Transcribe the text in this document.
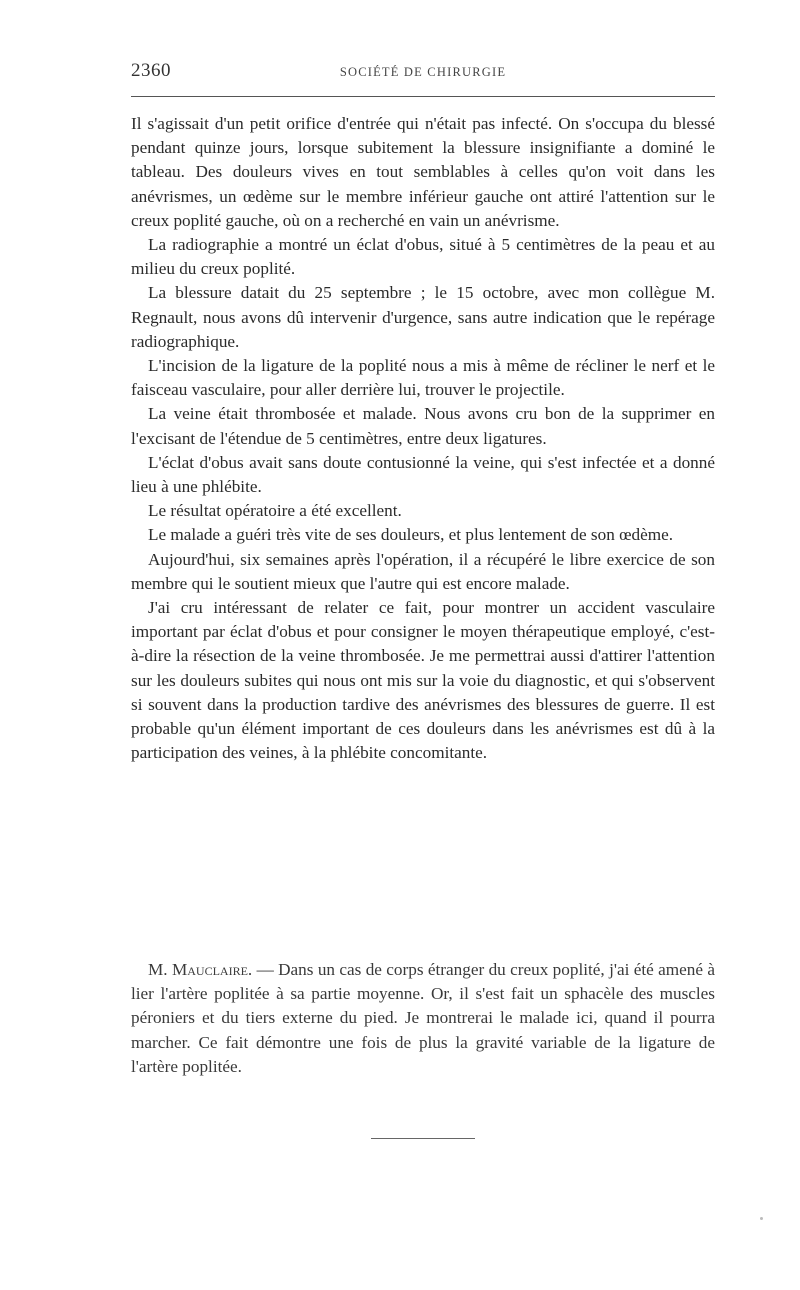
2360	SOCIÉTÉ DE CHIRURGIE

Il s'agissait d'un petit orifice d'entrée qui n'était pas infecté. On s'occupa du blessé pendant quinze jours, lorsque subitement la blessure insignifiante a dominé le tableau. Des douleurs vives en tout semblables à celles qu'on voit dans les anévrismes, un œdème sur le membre inférieur gauche ont attiré l'attention sur le creux poplité gauche, où on a recherché en vain un anévrisme.

La radiographie a montré un éclat d'obus, situé à 5 centimètres de la peau et au milieu du creux poplité.

La blessure datait du 25 septembre ; le 15 octobre, avec mon collègue M. Regnault, nous avons dû intervenir d'urgence, sans autre indication que le repérage radiographique.

L'incision de la ligature de la poplité nous a mis à même de récliner le nerf et le faisceau vasculaire, pour aller derrière lui, trouver le projectile.

La veine était thrombosée et malade. Nous avons cru bon de la supprimer en l'excisant de l'étendue de 5 centimètres, entre deux ligatures.

L'éclat d'obus avait sans doute contusionné la veine, qui s'est infectée et a donné lieu à une phlébite.

Le résultat opératoire a été excellent.

Le malade a guéri très vite de ses douleurs, et plus lentement de son œdème.

Aujourd'hui, six semaines après l'opération, il a récupéré le libre exercice de son membre qui le soutient mieux que l'autre qui est encore malade.

J'ai cru intéressant de relater ce fait, pour montrer un accident vasculaire important par éclat d'obus et pour consigner le moyen thérapeutique employé, c'est-à-dire la résection de la veine thrombosée. Je me permettrai aussi d'attirer l'attention sur les douleurs subites qui nous ont mis sur la voie du diagnostic, et qui s'observent si souvent dans la production tardive des anévrismes des blessures de guerre. Il est probable qu'un élément important de ces douleurs dans les anévrismes est dû à la participation des veines, à la phlébite concomitante.

M. Mauclaire. — Dans un cas de corps étranger du creux poplité, j'ai été amené à lier l'artère poplitée à sa partie moyenne. Or, il s'est fait un sphacèle des muscles péroniers et du tiers externe du pied. Je montrerai le malade ici, quand il pourra marcher. Ce fait démontre une fois de plus la gravité variable de la ligature de l'artère poplitée.
